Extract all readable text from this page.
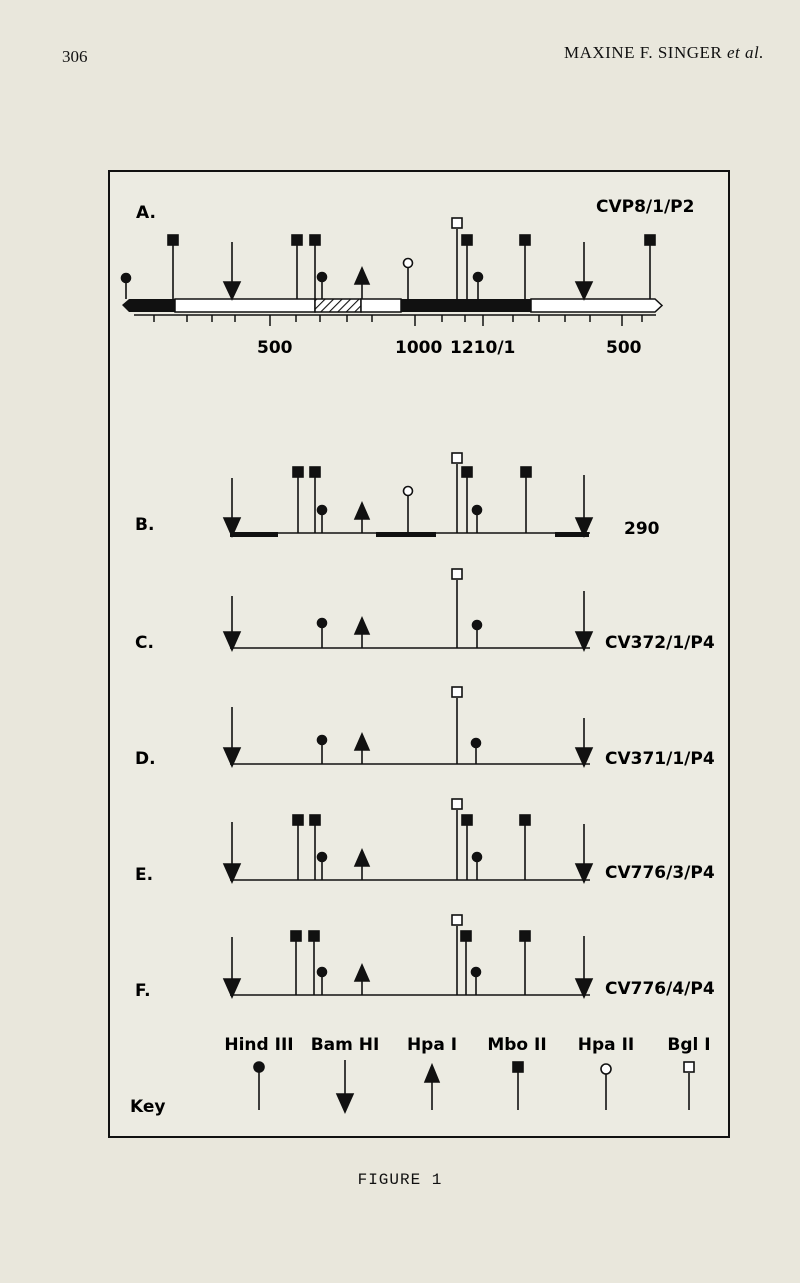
306	MAXINE F. SINGER et al.
A.	CVP8/1/P2
500	1000 1210/1	500
B.	290
C.	CV372/1/P4
D.	CV371/1/P4
E.	CV776/3/P4
F.	CV776/4/P4
Key
Hind III Bam HI Hpa I Mbo II Hpa II Bgl I
FIGURE 1
